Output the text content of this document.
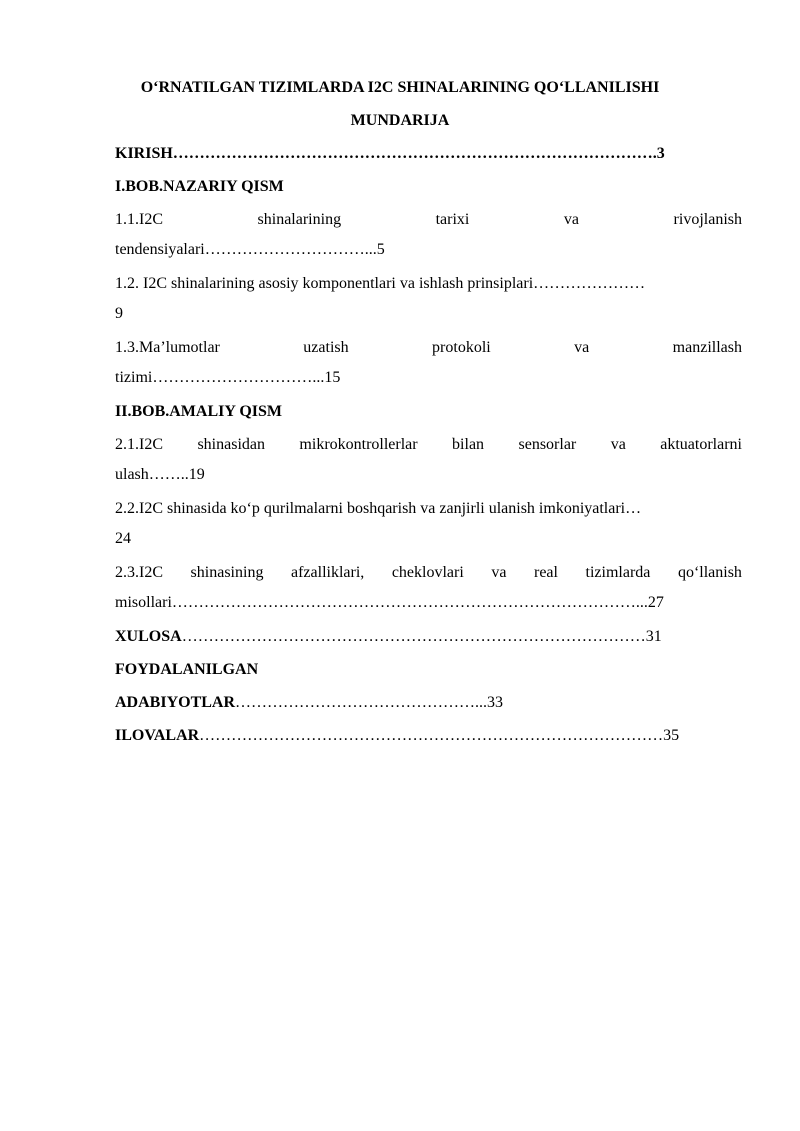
O‘RNATILGAN TIZIMLARDA I2C SHINALARINING QO‘LLANILISHI
MUNDARIJA
KIRISH……………………………………………………………………………….3
I.BOB.NAZARIY QISM
1.1.I2C	shinalarining	tarixi	va	rivojlanish
tendensiyalari…………………………...5
1.2. I2C shinalarining asosiy komponentlari va ishlash prinsiplari…………………
9
1.3.Ma’lumotlar	uzatish	protokoli	va	manzillash
tizimi…………………………...15
II.BOB.AMALIY QISM
2.1.I2C shinasidan mikrokontrollerlar bilan sensorlar va aktuatorlarni
ulash……..19
2.2.I2C shinasida ko‘p qurilmalarni boshqarish va zanjirli ulanish imkoniyatlari…
24
2.3.I2C shinasining afzalliklari, cheklovlari va real tizimlarda qo‘llanish
misollari……………………………………………………………………………...27
XULOSA……………………………………………………………………………31
FOYDALANILGAN
ADABIYOTLAR………………………………………...33
ILOVALAR……………………………………………………………………………35
